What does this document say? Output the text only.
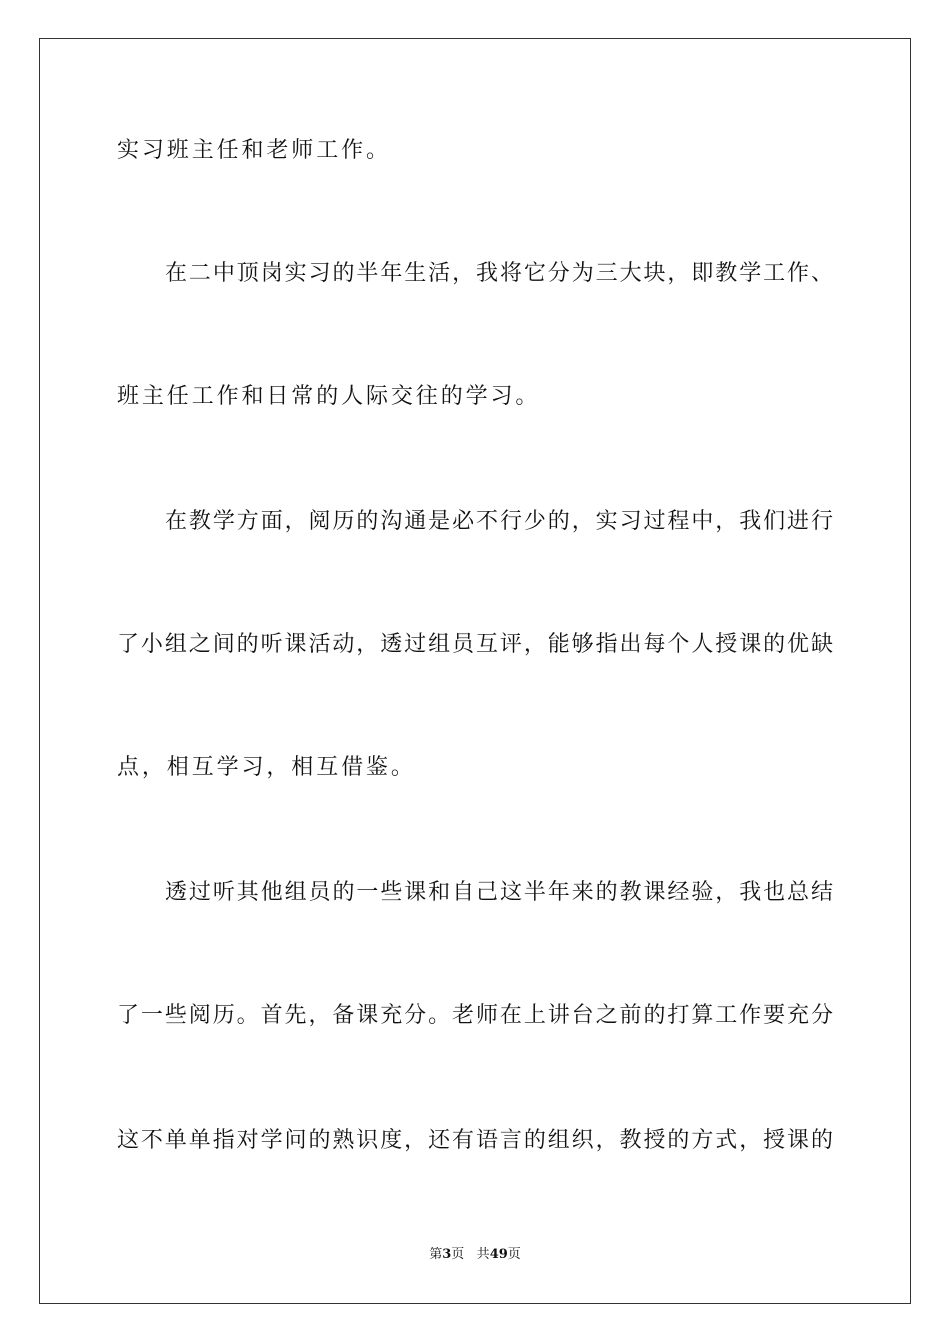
实习班主任和老师工作。
在二中顶岗实习的半年生活，我将它分为三大块，即教学工作、
班主任工作和日常的人际交往的学习。
在教学方面，阅历的沟通是必不行少的，实习过程中，我们进行
了小组之间的听课活动，透过组员互评，能够指出每个人授课的优缺
点，相互学习，相互借鉴。
透过听其他组员的一些课和自己这半年来的教课经验，我也总结
了一些阅历。首先，备课充分。老师在上讲台之前的打算工作要充分
这不单单指对学问的熟识度，还有语言的组织，教授的方式，授课的
第3页 共49页
